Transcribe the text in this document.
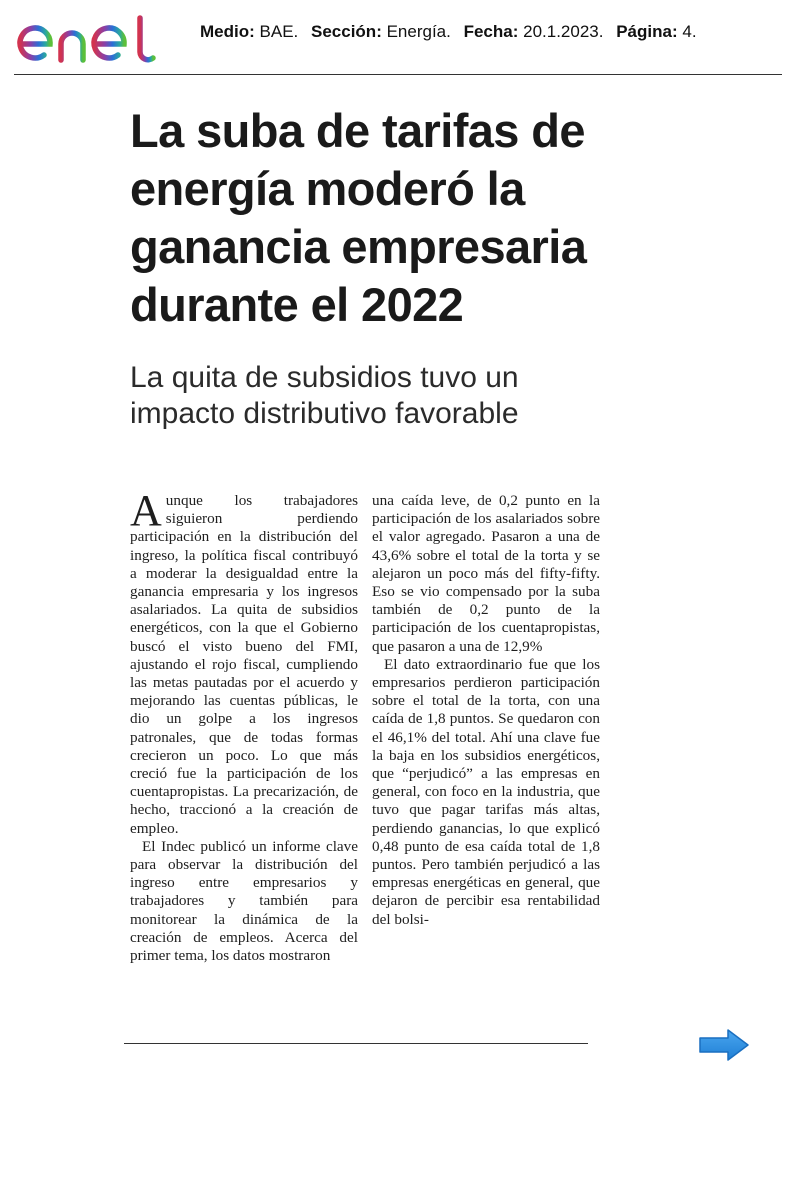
Medio: BAE. Sección: Energía. Fecha: 20.1.2023. Página: 4.
La suba de tarifas de energía moderó la ganancia empresaria durante el 2022
La quita de subsidios tuvo un impacto distributivo favorable

Aunque los trabajadores siguieron perdiendo participación en la distribución del ingreso, la política fiscal contribuyó a moderar la desigualdad entre la ganancia empresaria y los ingresos asalariados. La quita de subsidios energéticos, con la que el Gobierno buscó el visto bueno del FMI, ajustando el rojo fiscal, cumpliendo las metas pautadas por el acuerdo y mejorando las cuentas públicas, le dio un golpe a los ingresos patronales, que de todas formas crecieron un poco. Lo que más creció fue la participación de los cuentapropistas. La precarización, de hecho, traccionó a la creación de empleo.

El Indec publicó un informe clave para observar la distribución del ingreso entre empresarios y trabajadores y también para monitorear la dinámica de la creación de empleos. Acerca del primer tema, los datos mostraron

una caída leve, de 0,2 punto en la participación de los asalariados sobre el valor agregado. Pasaron a una de 43,6% sobre el total de la torta y se alejaron un poco más del fifty-fifty. Eso se vio compensado por la suba también de 0,2 punto de la participación de los cuentapropistas, que pasaron a una de 12,9%

El dato extraordinario fue que los empresarios perdieron participación sobre el total de la torta, con una caída de 1,8 puntos. Se quedaron con el 46,1% del total. Ahí una clave fue la baja en los subsidios energéticos, que “perjudicó” a las empresas en general, con foco en la industria, que tuvo que pagar tarifas más altas, perdiendo ganancias, lo que explicó 0,48 punto de esa caída total de 1,8 puntos. Pero también perjudicó a las empresas energéticas en general, que dejaron de percibir esa rentabilidad del bolsi-
